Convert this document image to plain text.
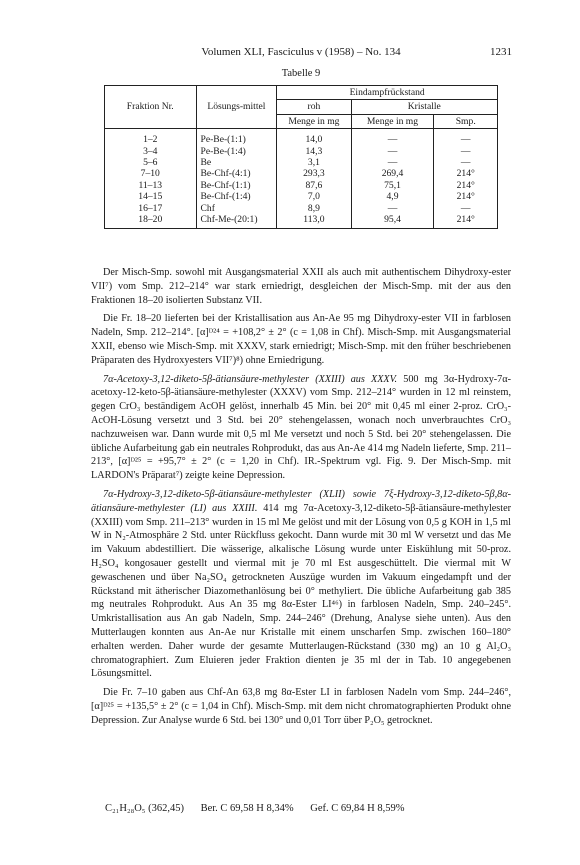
Volumen XLI, Fasciculus v (1958) – No. 134	1231
Tabelle 9
Fraktion Nr.	Lösungs-mittel	Eindampfrückstand		
		roh	Kristalle	
		Menge in mg	Menge in mg	Smp.
1–2	Pe-Be-(1:1)	14,0	—	—
3–4	Pe-Be-(1:4)	14,3	—	—
5–6	Be	3,1	—	—
7–10	Be-Chf-(4:1)	293,3	269,4	214°
11–13	Be-Chf-(1:1)	87,6	75,1	214°
14–15	Be-Chf-(1:4)	7,0	4,9	214°
16–17	Chf	8,9	—	—
18–20	Chf-Me-(20:1)	113,0	95,4	214°

Der Misch-Smp. sowohl mit Ausgangsmaterial XXII als auch mit authentischem Dihydroxy-ester VII⁷) vom Smp. 212–214° war stark erniedrigt, desgleichen der Misch-Smp. mit der aus den Fraktionen 18–20 isolierten Substanz VII.

Die Fr. 18–20 lieferten bei der Kristallisation aus An-Ae 95 mg Dihydroxy-ester VII in farblosen Nadeln, Smp. 212–214°. [α]ᴰ²⁴ = +108,2° ± 2° (c = 1,08 in Chf). Misch-Smp. mit Ausgangsmaterial XXII, ebenso wie Misch-Smp. mit XXXV, stark erniedrigt; Misch-Smp. mit den früher beschriebenen Präparaten des Hydroxyesters VII⁷)⁸) ohne Erniedrigung.

7α-Acetoxy-3,12-diketo-5β-ätiansäure-methylester (XXIII) aus XXXV. 500 mg 3α-Hydroxy-7α-acetoxy-12-keto-5β-ätiansäure-methylester (XXXV) vom Smp. 212–214° wurden in 12 ml reinstem, gegen CrO₃ beständigem AcOH gelöst, innerhalb 45 Min. bei 20° mit 0,45 ml einer 2-proz. CrO₃-AcOH-Lösung versetzt und 3 Std. bei 20° stehengelassen, wonach noch unverbrauchtes CrO₃ nachzuweisen war. Dann wurde mit 0,5 ml Me versetzt und noch 5 Std. bei 20° stehengelassen. Die übliche Aufarbeitung gab ein neutrales Rohprodukt, das aus An-Ae 414 mg Nadeln lieferte, Smp. 211–213°, [α]ᴰ²⁵ = +95,7° ± 2° (c = 1,20 in Chf). IR.-Spektrum vgl. Fig. 9. Der Misch-Smp. mit LARDON's Präparat⁷) zeigte keine Depression.

7α-Hydroxy-3,12-diketo-5β-ätiansäure-methylester (XLII) sowie 7ξ-Hydroxy-3,12-diketo-5β,8α-ätiansäure-methylester (LI) aus XXIII. 414 mg 7α-Acetoxy-3,12-diketo-5β-ätiansäure-methylester (XXIII) vom Smp. 211–213° wurden in 15 ml Me gelöst und mit der Lösung von 0,5 g KOH in 1,5 ml W in N₂-Atmosphäre 2 Std. unter Rückfluss gekocht. Dann wurde mit 30 ml W versetzt und das Me im Vakuum abdestilliert. Die wässerige, alkalische Lösung wurde unter Eiskühlung mit 50-proz. H₂SO₄ kongosauer gestellt und viermal mit je 70 ml Est ausgeschüttelt. Die viermal mit W gewaschenen und über Na₂SO₄ getrockneten Auszüge wurden im Vakuum eingedampft und der Rückstand mit ätherischer Diazomethanlösung bei 0° methyliert. Die übliche Aufarbeitung gab 385 mg neutrales Rohprodukt. Aus An 35 mg 8α-Ester LI⁴⁶) in farblosen Nadeln, Smp. 240–245°. Umkristallisation aus An gab Nadeln, Smp. 244–246° (Drehung, Analyse siehe unten). Aus den Mutterlaugen konnten aus An-Ae nur Kristalle mit einem unscharfen Smp. zwischen 160–180° erhalten werden. Daher wurde der gesamte Mutterlaugen-Rückstand (330 mg) an 10 g Al₂O₃ chromatographiert. Zum Eluieren jeder Fraktion dienten je 35 ml der in Tab. 10 angegebenen Lösungsmittel.

Die Fr. 7–10 gaben aus Chf-An 63,8 mg 8α-Ester LI in farblosen Nadeln vom Smp. 244–246°, [α]ᴰ²⁵ = +135,5° ± 2° (c = 1,04 in Chf). Misch-Smp. mit dem nicht chromatographierten Produkt ohne Depression. Zur Analyse wurde 6 Std. bei 130° und 0,01 Torr über P₂O₅ getrocknet.

C₂₁H₂₈O₅ (362,45) Ber. C 69,58 H 8,34% Gef. C 69,84 H 8,59%
